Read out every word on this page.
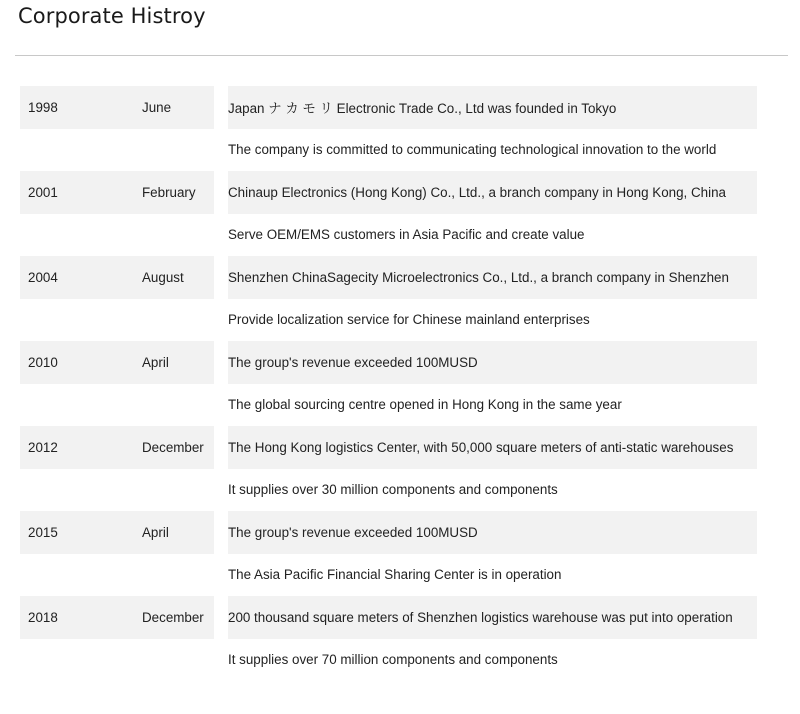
Corporate Histroy
1998	June	Japan ナ カ モ リ Electronic Trade Co., Ltd was founded in Tokyo
The company is committed to communicating technological innovation to the world
2001	February	Chinaup Electronics (Hong Kong) Co., Ltd., a branch company in Hong Kong, China
Serve OEM/EMS customers in Asia Pacific and create value
2004	August	Shenzhen ChinaSagecity Microelectronics Co., Ltd., a branch company in Shenzhen
Provide localization service for Chinese mainland enterprises
2010	April	The group's revenue exceeded 100MUSD
The global sourcing centre opened in Hong Kong in the same year
2012	December	The Hong Kong logistics Center, with 50,000 square meters of anti-static warehouses
It supplies over 30 million components and components
2015	April	The group's revenue exceeded 100MUSD
The Asia Pacific Financial Sharing Center is in operation
2018	December	200 thousand square meters of Shenzhen logistics warehouse was put into operation
It supplies over 70 million components and components
